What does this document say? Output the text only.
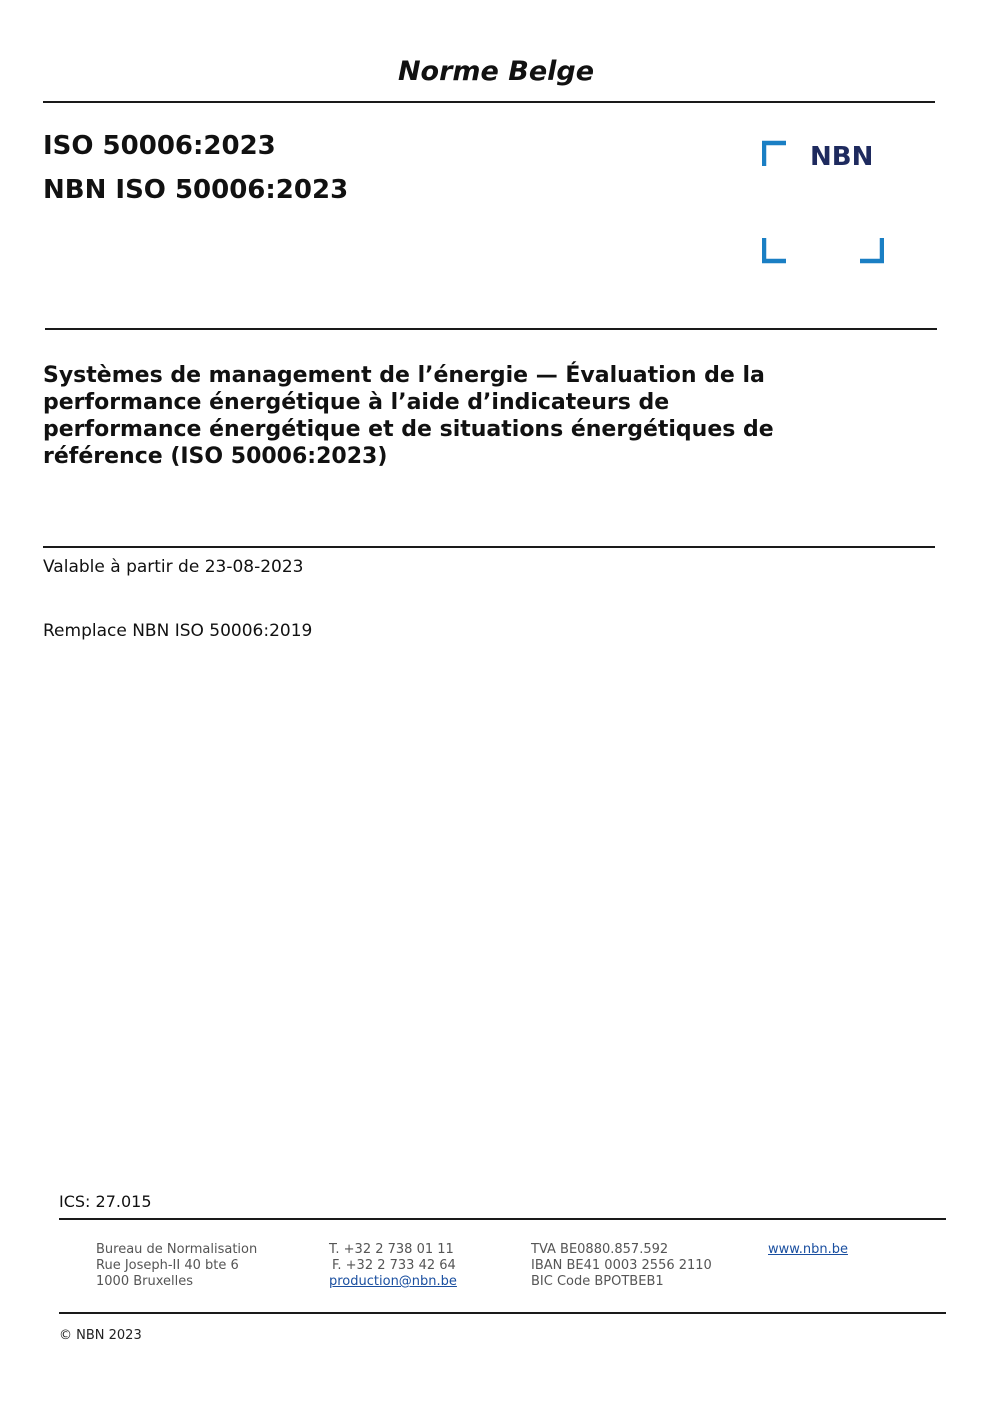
Norme Belge
ISO 50006:2023
NBN ISO 50006:2023
NBN
Systèmes de management de l’énergie — Évaluation de la
performance énergétique à l’aide d’indicateurs de
performance énergétique et de situations énergétiques de
référence (ISO 50006:2023)
Valable à partir de 23-08-2023
Remplace NBN ISO 50006:2019
ICS: 27.015
Bureau de Normalisation
Rue Joseph-II 40 bte 6
1000 Bruxelles
T. +32 2 738 01 11
F. +32 2 733 42 64
production@nbn.be
TVA BE0880.857.592
IBAN BE41 0003 2556 2110
BIC Code BPOTBEB1
www.nbn.be
© NBN 2023
